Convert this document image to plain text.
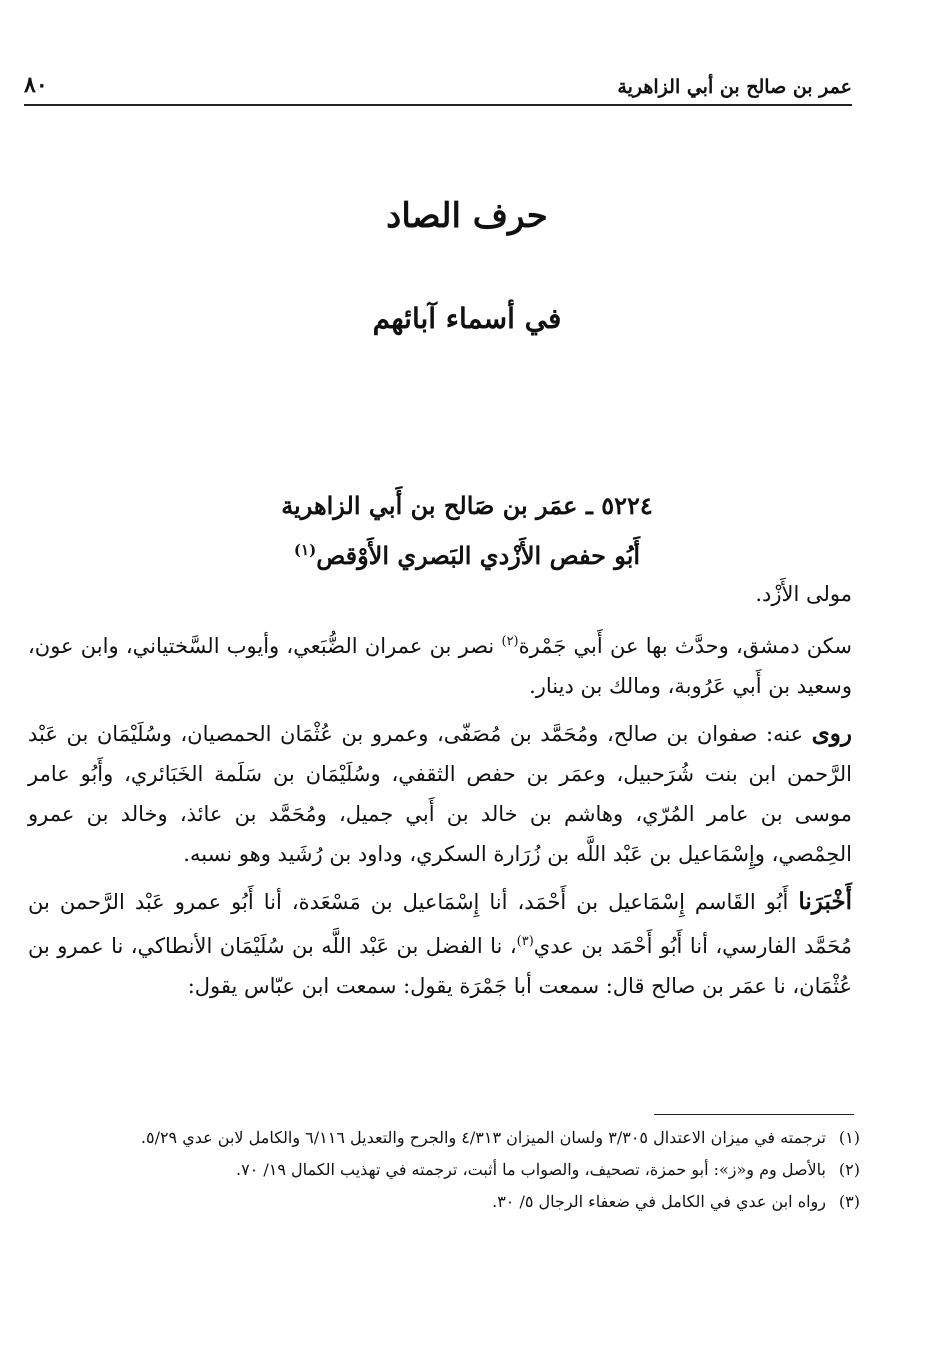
عمر بن صالح بن أبي الزاهرية
٨٠
حرف الصاد
في أسماء آبائهم
٥٢٢٤ ـ عمَر بن صَالح بن أَبي الزاهرية
أَبُو حفص الأَزْدي البَصري الأَوْقص$^{(١)}$

مولى الأَزْد.

سكن دمشق، وحدَّث بها عن أَبي جَمْرة$^{(٢)}$ نصر بن عمران الضُّبَعي، وأيوب السَّختياني، وابن عون، وسعيد بن أَبي عَرُوبة، ومالك بن دينار.

روى عنه: صفوان بن صالح، ومُحَمَّد بن مُصَفّى، وعمرو بن عُثْمَان الحمصيان، وسُلَيْمَان بن عَبْد الرَّحمن ابن بنت شُرَحبيل، وعمَر بن حفص الثقفي، وسُلَيْمَان بن سَلَمة الخَبَائري، وأَبُو عامر موسى بن عامر المُرّي، وهاشم بن خالد بن أَبي جميل، ومُحَمَّد بن عائذ، وخالد بن عمرو الحِمْصي، وإِسْمَاعيل بن عَبْد اللَّه بن زُرَارة السكري، وداود بن رُشَيد وهو نسبه.

أَخْبَرَنا أَبُو القَاسم إِسْمَاعيل بن أَحْمَد، أنا إِسْمَاعيل بن مَسْعَدة، أنا أَبُو عمرو عَبْد الرَّحمن بن مُحَمَّد الفارسي، أنا أَبُو أَحْمَد بن عدي$^{(٣)}$، نا الفضل بن عَبْد اللَّه بن سُلَيْمَان الأنطاكي، نا عمرو بن عُثْمَان، نا عمَر بن صالح قال: سمعت أبا جَمْرَة يقول: سمعت ابن عبّاس يقول:

(١)
ترجمته في ميزان الاعتدال ٣/٣٠٥ ولسان الميزان ٤/٣١٣ والجرح والتعديل ٦/١١٦ والكامل لابن عدي ٥/٢٩.
(٢)
بالأصل وم و«ز»: أبو حمزة، تصحيف، والصواب ما أثبت، ترجمته في تهذيب الكمال ١٩/ ٧٠.
(٣)
رواه ابن عدي في الكامل في ضعفاء الرجال ٥/ ٣٠.
